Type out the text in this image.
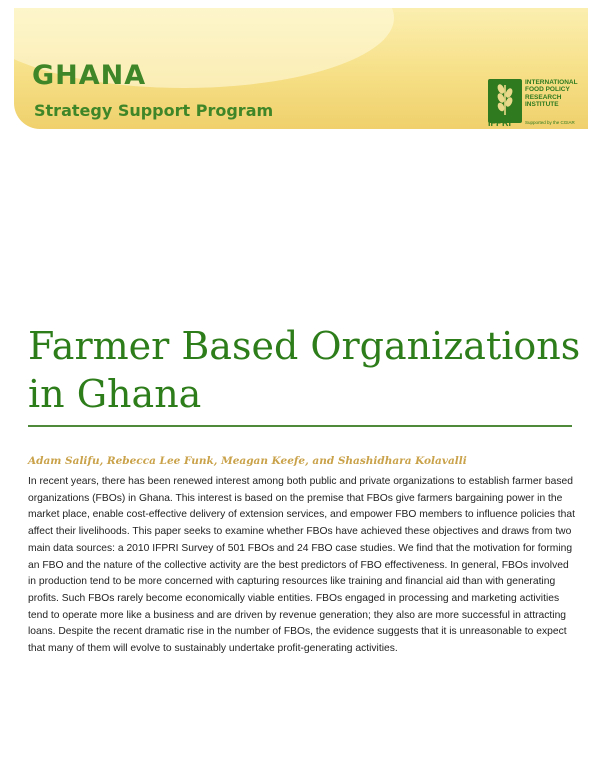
GHANA
Strategy Support Program
IFPRI
INTERNATIONAL FOOD POLICY RESEARCH INSTITUTE
Supported by the CGIAR
Farmer Based Organizations in Ghana
Adam Salifu, Rebecca Lee Funk, Meagan Keefe, and Shashidhara Kolavalli

In recent years, there has been renewed interest among both public and private organizations to establish farmer based organizations (FBOs) in Ghana. This interest is based on the premise that FBOs give farmers bargaining power in the market place, enable cost-effective delivery of extension services, and empower FBO members to influence policies that affect their livelihoods. This paper seeks to examine whether FBOs have achieved these objectives and draws from two main data sources: a 2010 IFPRI Survey of 501 FBOs and 24 FBO case studies. We find that the motivation for forming an FBO and the nature of the collective activity are the best predictors of FBO effectiveness. In general, FBOs involved in production tend to be more concerned with capturing resources like training and financial aid than with generating profits. Such FBOs rarely become economically viable entities. FBOs engaged in processing and marketing activities tend to operate more like a business and are driven by revenue generation; they also are more successful in attracting loans. Despite the recent dramatic rise in the number of FBOs, the evidence suggests that it is unreasonable to expect that many of them will evolve to sustainably undertake profit-generating activities.
